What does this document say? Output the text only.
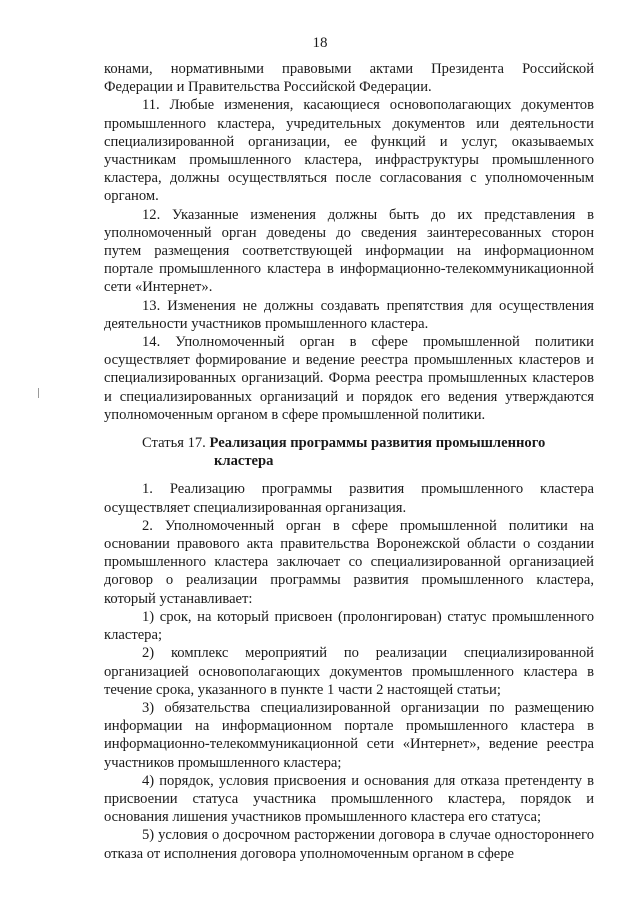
18

конами, нормативными правовыми актами Президента Российской Федерации и Правительства Российской Федерации.

11. Любые изменения, касающиеся основополагающих документов промышленного кластера, учредительных документов или деятельности специализированной организации, ее функций и услуг, оказываемых участникам промышленного кластера, инфраструктуры промышленного кластера, должны осуществляться после согласования с уполномоченным органом.

12. Указанные изменения должны быть до их представления в уполномоченный орган доведены до сведения заинтересованных сторон путем размещения соответствующей информации на информационном портале промышленного кластера в информационно-телекоммуникационной сети «Интернет».

13. Изменения не должны создавать препятствия для осуществления деятельности участников промышленного кластера.

14. Уполномоченный орган в сфере промышленной политики осуществляет формирование и ведение реестра промышленных кластеров и специализированных организаций. Форма реестра промышленных кластеров и специализированных организаций и порядок его ведения утверждаются уполномоченным органом в сфере промышленной политики.

Статья 17. Реализация программы развития промышленного
кластера

1. Реализацию программы развития промышленного кластера осуществляет специализированная организация.

2. Уполномоченный орган в сфере промышленной политики на основании правового акта правительства Воронежской области о создании промышленного кластера заключает со специализированной организацией договор о реализации программы развития промышленного кластера, который устанавливает:

1) срок, на который присвоен (пролонгирован) статус промышленного кластера;

2) комплекс мероприятий по реализации специализированной организацией основополагающих документов промышленного кластера в течение срока, указанного в пункте 1 части 2 настоящей статьи;

3) обязательства специализированной организации по размещению информации на информационном портале промышленного кластера в информационно-телекоммуникационной сети «Интернет», ведение реестра участников промышленного кластера;

4) порядок, условия присвоения и основания для отказа претенденту в присвоении статуса участника промышленного кластера, порядок и основания лишения участников промышленного кластера его статуса;

5) условия о досрочном расторжении договора в случае одностороннего отказа от исполнения договора уполномоченным органом в сфере
